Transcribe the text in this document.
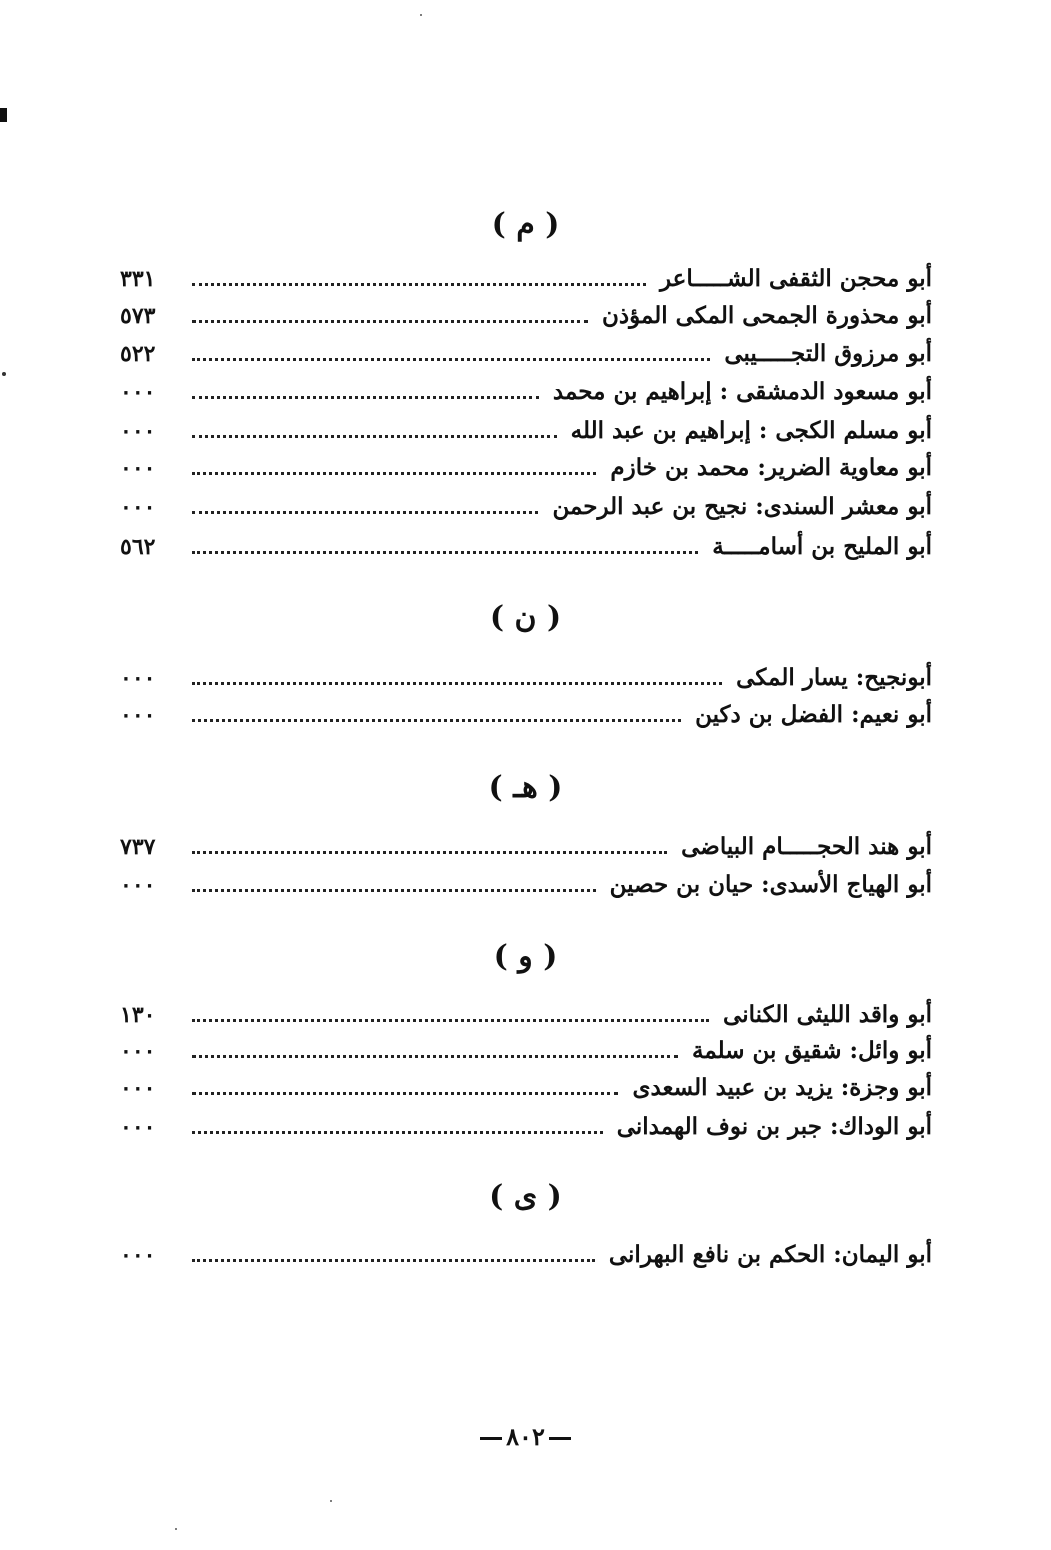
( م )
أبو محجن الثقفى الشـــــاعر
٣٣١
أبو محذورة الجمحى المكى المؤذن
٥٧٣
أبو مرزوق التجـــــيبى
٥٢٢
أبو مسعود الدمشقى : إبراهيم بن محمد
٠٠٠
أبو مسلم الكجى : إبراهيم بن عبد الله
٠٠٠
أبو معاوية الضرير: محمد بن خازم
٠٠٠
أبو معشر السندى: نجيح بن عبد الرحمن
٠٠٠
أبو المليح بن أسامـــــة
٥٦٢
( ن )
أبونجيح: يسار المكى
٠٠٠
أبو نعيم: الفضل بن دكين
٠٠٠
( هـ )
أبو هند الحجـــــام البياضى
٧٣٧
أبو الهياج الأسدى: حيان بن حصين
٠٠٠
( و )
أبو واقد الليثى الكنانى
١٣٠
أبو وائل: شقيق بن سلمة
٠٠٠
أبو وجزة: يزيد بن عبيد السعدى
٠٠٠
أبو الوداك: جبر بن نوف الهمدانى
٠٠٠
( ى )
أبو اليمان: الحكم بن نافع البهرانى
٠٠٠
٨٠٢
